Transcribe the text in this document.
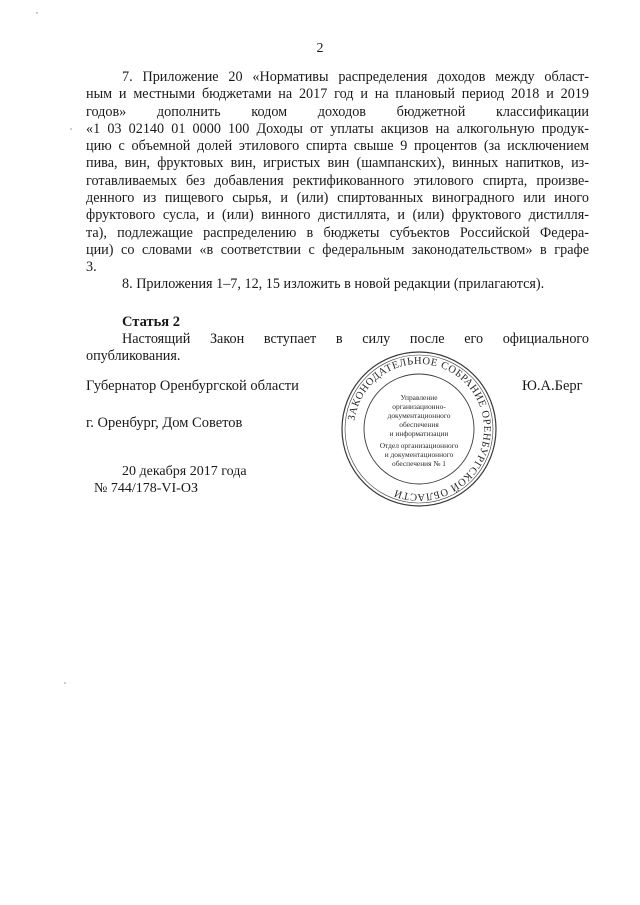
2
7. Приложение 20 «Нормативы распределения доходов между област-
ным и местными бюджетами на 2017 год и на плановый период 2018 и 2019
годов» дополнить кодом доходов бюджетной классификации
«1 03 02140 01 0000 100 Доходы от уплаты акцизов на алкогольную продук-
цию с объемной долей этилового спирта свыше 9 процентов (за исключением
пива, вин, фруктовых вин, игристых вин (шампанских), винных напитков, из-
готавливаемых без добавления ректификованного этилового спирта, произве-
денного из пищевого сырья, и (или) спиртованных виноградного или иного
фруктового сусла, и (или) винного дистиллята, и (или) фруктового дистилля-
та), подлежащие распределению в бюджеты субъектов Российской Федера-
ции) со словами «в соответствии с федеральным законодательством» в графе
3.
8. Приложения 1–7, 12, 15 изложить в новой редакции (прилагаются).
Статья 2
Настоящий Закон вступает в силу после его официального
опубликования.
Губернатор Оренбургской области	Ю.А.Берг
г. Оренбург, Дом Советов
20 декабря 2017 года
№ 744/178-VI-ОЗ
ЗАКОНОДАТЕЛЬНОЕ СОБРАНИЕ ОРЕНБУРГСКОЙ ОБЛАСТИ
Управление
организационно-
документационного
обеспечения
и информатизации
Отдел организационного
и документационного
обеспечения № 1
